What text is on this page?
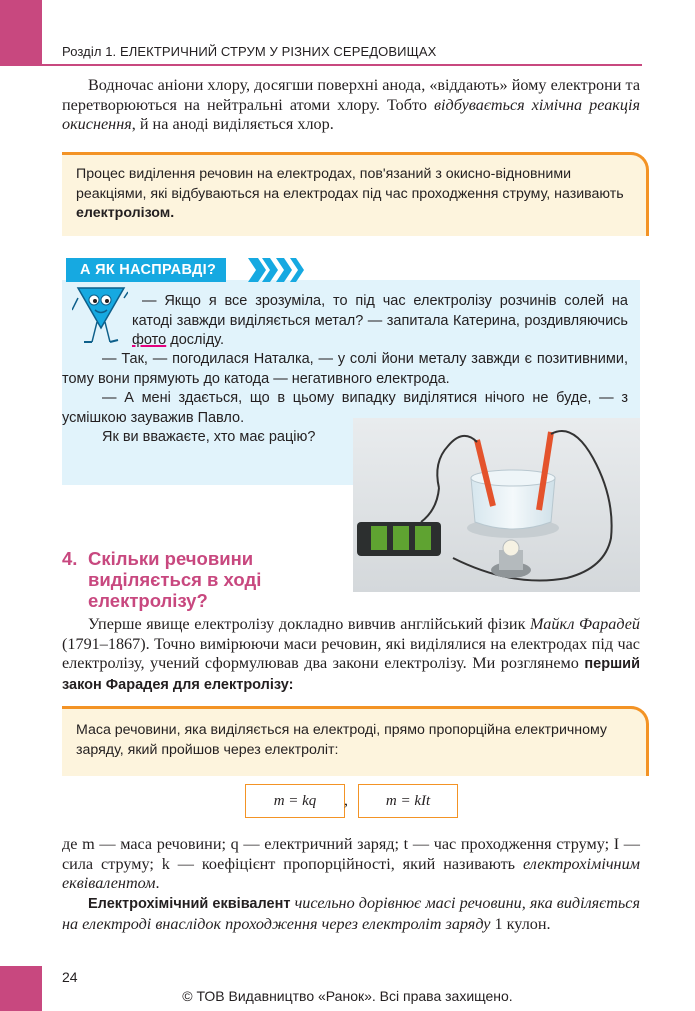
Розділ 1. ЕЛЕКТРИЧНИЙ СТРУМ У РІЗНИХ СЕРЕДОВИЩАХ

Водночас аніони хлору, досягши поверхні анода, «віддають» йому електрони та перетворюються на нейтральні атоми хлору. Тобто відбувається хімічна реакція окиснення, й на аноді виділяється хлор.

Процес виділення речовин на електродах, пов'язаний з окисно-відновними реакціями, які відбуваються на електродах під час проходження струму, називають електролізом.
А ЯК НАСПРАВДІ?

— Якщо я все зрозуміла, то під час електролізу розчинів солей на катоді завжди виділяється метал? — запитала Катерина, роздивляючись фото досліду.

— Так, — погодилася Наталка, — у солі йони металу завжди є позитивними, тому вони прямують до катода — негативного електрода.

— А мені здається, що в цьому випадку виділятися нічого не буде, — з усмішкою зауважив Павло.

Як ви вважаєте, хто має рацію?

4. Скільки речовини виділяється в ході електролізу?

Уперше явище електролізу докладно вивчив англійський фізик Майкл Фарадей (1791–1867). Точно вимірюючи маси речовин, які виділялися на електродах під час електролізу, учений сформулював два закони електролізу. Ми розглянемо перший закон Фарадея для електролізу:

Маса речовини, яка виділяється на електроді, прямо пропорційна електричному заряду, який пройшов через електроліт:
m = kq	,	m = kIt

де m — маса речовини; q — електричний заряд; t — час проходження струму; I — сила струму; k — коефіцієнт пропорційності, який називають електрохімічним еквівалентом.

Електрохімічний еквівалент чисельно дорівнює масі речовини, яка виділяється на електроді внаслідок проходження через електроліт заряду 1 кулон.

24
© ТОВ Видавництво «Ранок». Всі права захищено.
